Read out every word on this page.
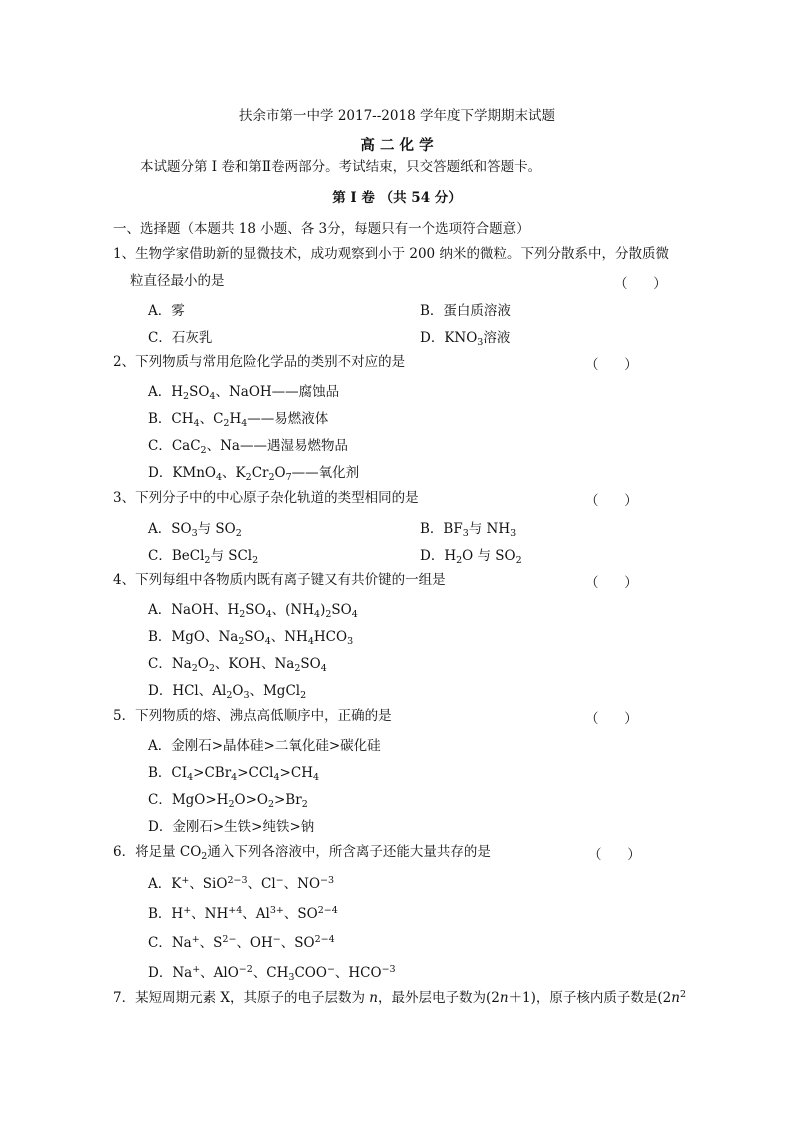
扶余市第一中学 2017--2018 学年度下学期期末试题
高 二 化 学
本试题分第 I 卷和第Ⅱ卷两部分。考试结束，只交答题纸和答题卡。
第 I 卷 （共 54 分）
一、选择题（本题共 18 小题、各 3分，每题只有一个选项符合题意）
1、生物学家借助新的显微技术，成功观察到小于 200 纳米的微粒。下列分散系中，分散质微
粒直径最小的是	（      ）
A．雾	B．蛋白质溶液
C．石灰乳	D．$KNO_3$溶液
2、下列物质与常用危险化学品的类别不对应的是	（      ）
A．$H_2SO_4$、NaOH——腐蚀品
B．$CH_4$、$C_2H_4——$易燃液体
C．CaC$_2$、Na——遇湿易燃物品
D．KMnO$_4$、$K_2Cr_2O_7——$氧化剂
3、下列分子中的中心原子杂化轨道的类型相同的是	（      ）
A．$SO_3$与 $SO_2$	B．$BF_3$与 $NH_3$
C．BeCl$_2$与 SCl$_2$	D．$H_2O$ 与 $SO_2$
4、下列每组中各物质内既有离子键又有共价键的一组是	（      ）
A．NaOH、$H_2SO_4$、$(NH_4)_2SO_4$
B．MgO、$Na_2SO_4$、$NH_4HCO_3$
C．$Na_2O_2$、KOH、$Na_2SO_4$
D．HCl、$Al_2O_3$、MgCl$_2$
5．下列物质的熔、沸点高低顺序中，正确的是	（      ）
A．金刚石>晶体硅>二氧化硅>碳化硅
B．$CI_4>CBr_4>CCl_4>CH_4$
C．$MgO>H_2O>O_2>Br_2$
D．金刚石>生铁>纯铁>钠
6．将足量 $CO_2$通入下列各溶液中，所含离子还能大量共存的是	（      ）
A．K+、SiO$^{2-3}$、Cl−、$NO^{-3}$
B．H+、$NH^{+4}$、$Al^{3+}$、$SO^{2-4}$
C．Na+、$S^{2-}$、OH−、$SO^{2-4}$
D．Na+、AlO$^{-2}$、$CH_3COO^-$、$HCO^{-3}$
7．某短周期元素 X，其原子的电子层数为 n，最外层电子数为(2n＋1)，原子核内质子数是($2n^2$
